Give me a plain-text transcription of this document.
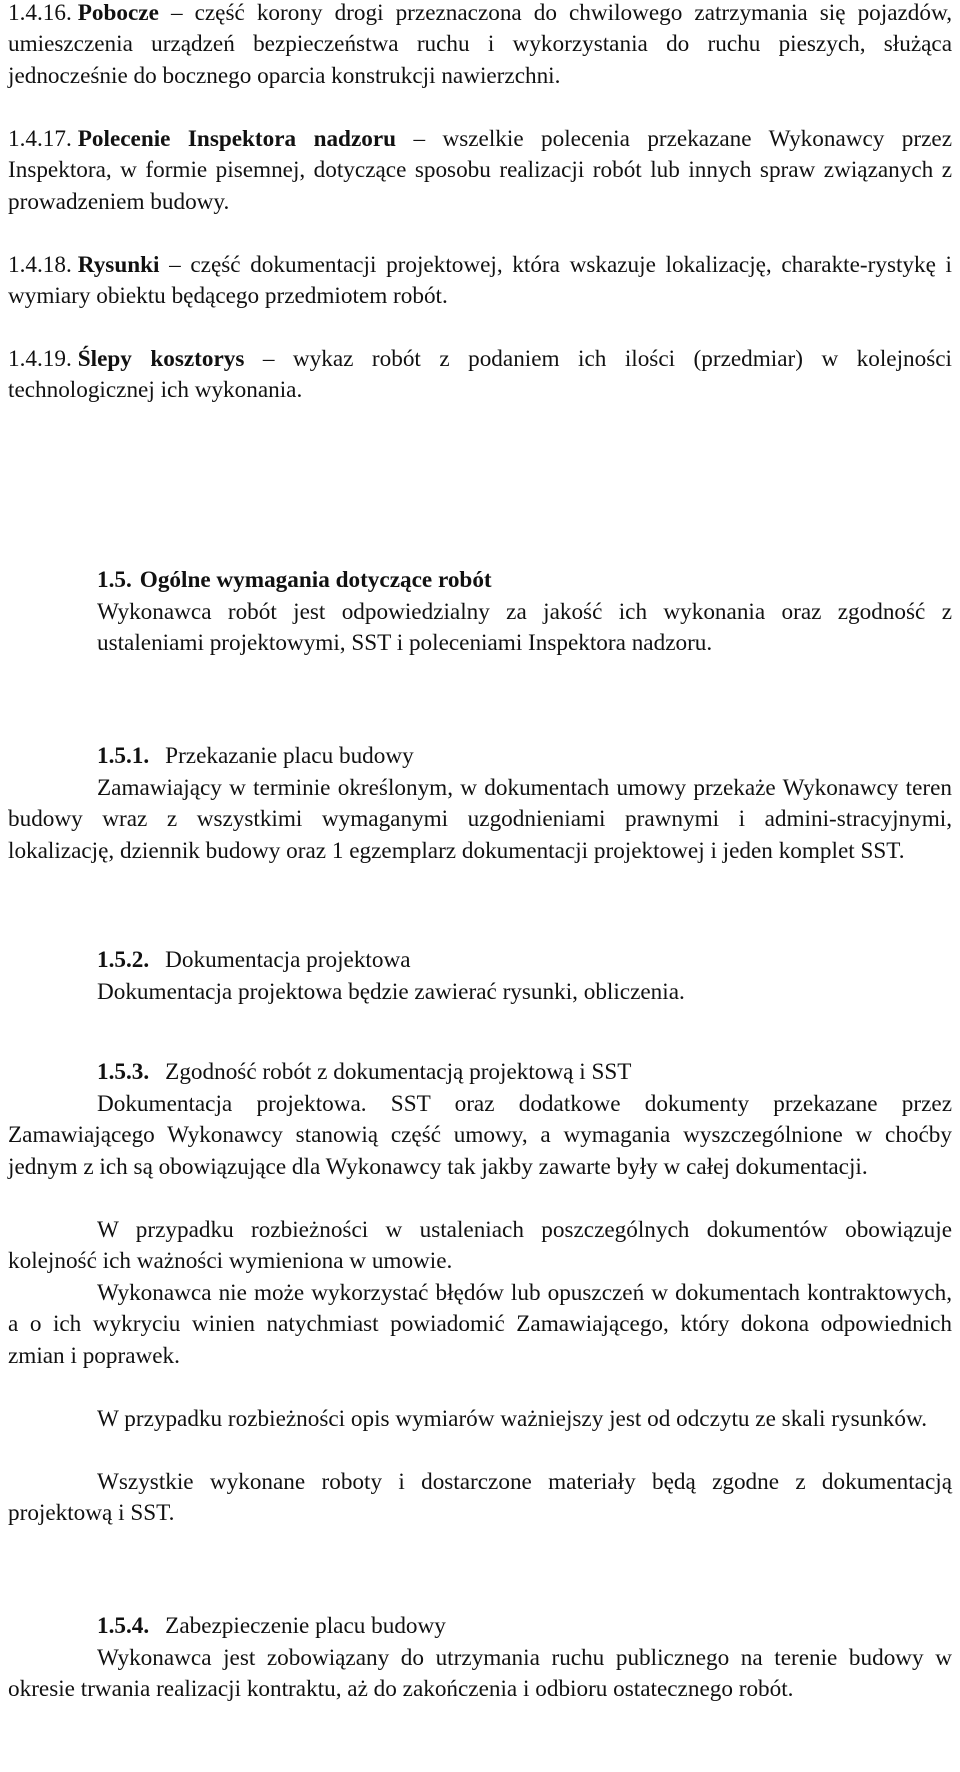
1.4.16. Pobocze – część korony drogi przeznaczona do chwilowego zatrzymania się pojazdów, umieszczenia urządzeń bezpieczeństwa ruchu i wykorzystania do ruchu pieszych, służąca jednocześnie do bocznego oparcia konstrukcji nawierzchni.
1.4.17. Polecenie Inspektora nadzoru – wszelkie polecenia przekazane Wykonawcy przez Inspektora, w formie pisemnej, dotyczące sposobu realizacji robót lub innych spraw związanych z prowadzeniem budowy.
1.4.18. Rysunki – część dokumentacji projektowej, która wskazuje lokalizację, charakte-rystykę i wymiary obiektu będącego przedmiotem robót.
1.4.19. Ślepy kosztorys – wykaz robót z podaniem ich ilości (przedmiar) w kolejności technologicznej ich wykonania.
1.5. Ogólne wymagania dotyczące robót
Wykonawca robót jest odpowiedzialny za jakość ich wykonania oraz zgodność z ustaleniami projektowymi, SST i poleceniami Inspektora nadzoru.
1.5.1. Przekazanie placu budowy
Zamawiający w terminie określonym, w dokumentach umowy przekaże Wykonawcy teren budowy wraz z wszystkimi wymaganymi uzgodnieniami prawnymi i admini-stracyjnymi, lokalizację, dziennik budowy oraz 1 egzemplarz dokumentacji projektowej i jeden komplet SST.
1.5.2. Dokumentacja projektowa
Dokumentacja projektowa będzie zawierać rysunki, obliczenia.
1.5.3. Zgodność robót z dokumentacją projektową i SST
Dokumentacja projektowa. SST oraz dodatkowe dokumenty przekazane przez Zamawiającego Wykonawcy stanowią część umowy, a wymagania wyszczególnione w choćby jednym z ich są obowiązujące dla Wykonawcy tak jakby zawarte były w całej dokumentacji.
W przypadku rozbieżności w ustaleniach poszczególnych dokumentów obowiązuje kolejność ich ważności wymieniona w umowie.
Wykonawca nie może wykorzystać błędów lub opuszczeń w dokumentach kontraktowych, a o ich wykryciu winien natychmiast powiadomić Zamawiającego, który dokona odpowiednich zmian i poprawek.
W przypadku rozbieżności opis wymiarów ważniejszy jest od odczytu ze skali rysunków.
Wszystkie wykonane roboty i dostarczone materiały będą zgodne z dokumentacją projektową i SST.
1.5.4. Zabezpieczenie placu budowy
Wykonawca jest zobowiązany do utrzymania ruchu publicznego na terenie budowy w okresie trwania realizacji kontraktu, aż do zakończenia i odbioru ostatecznego robót.
